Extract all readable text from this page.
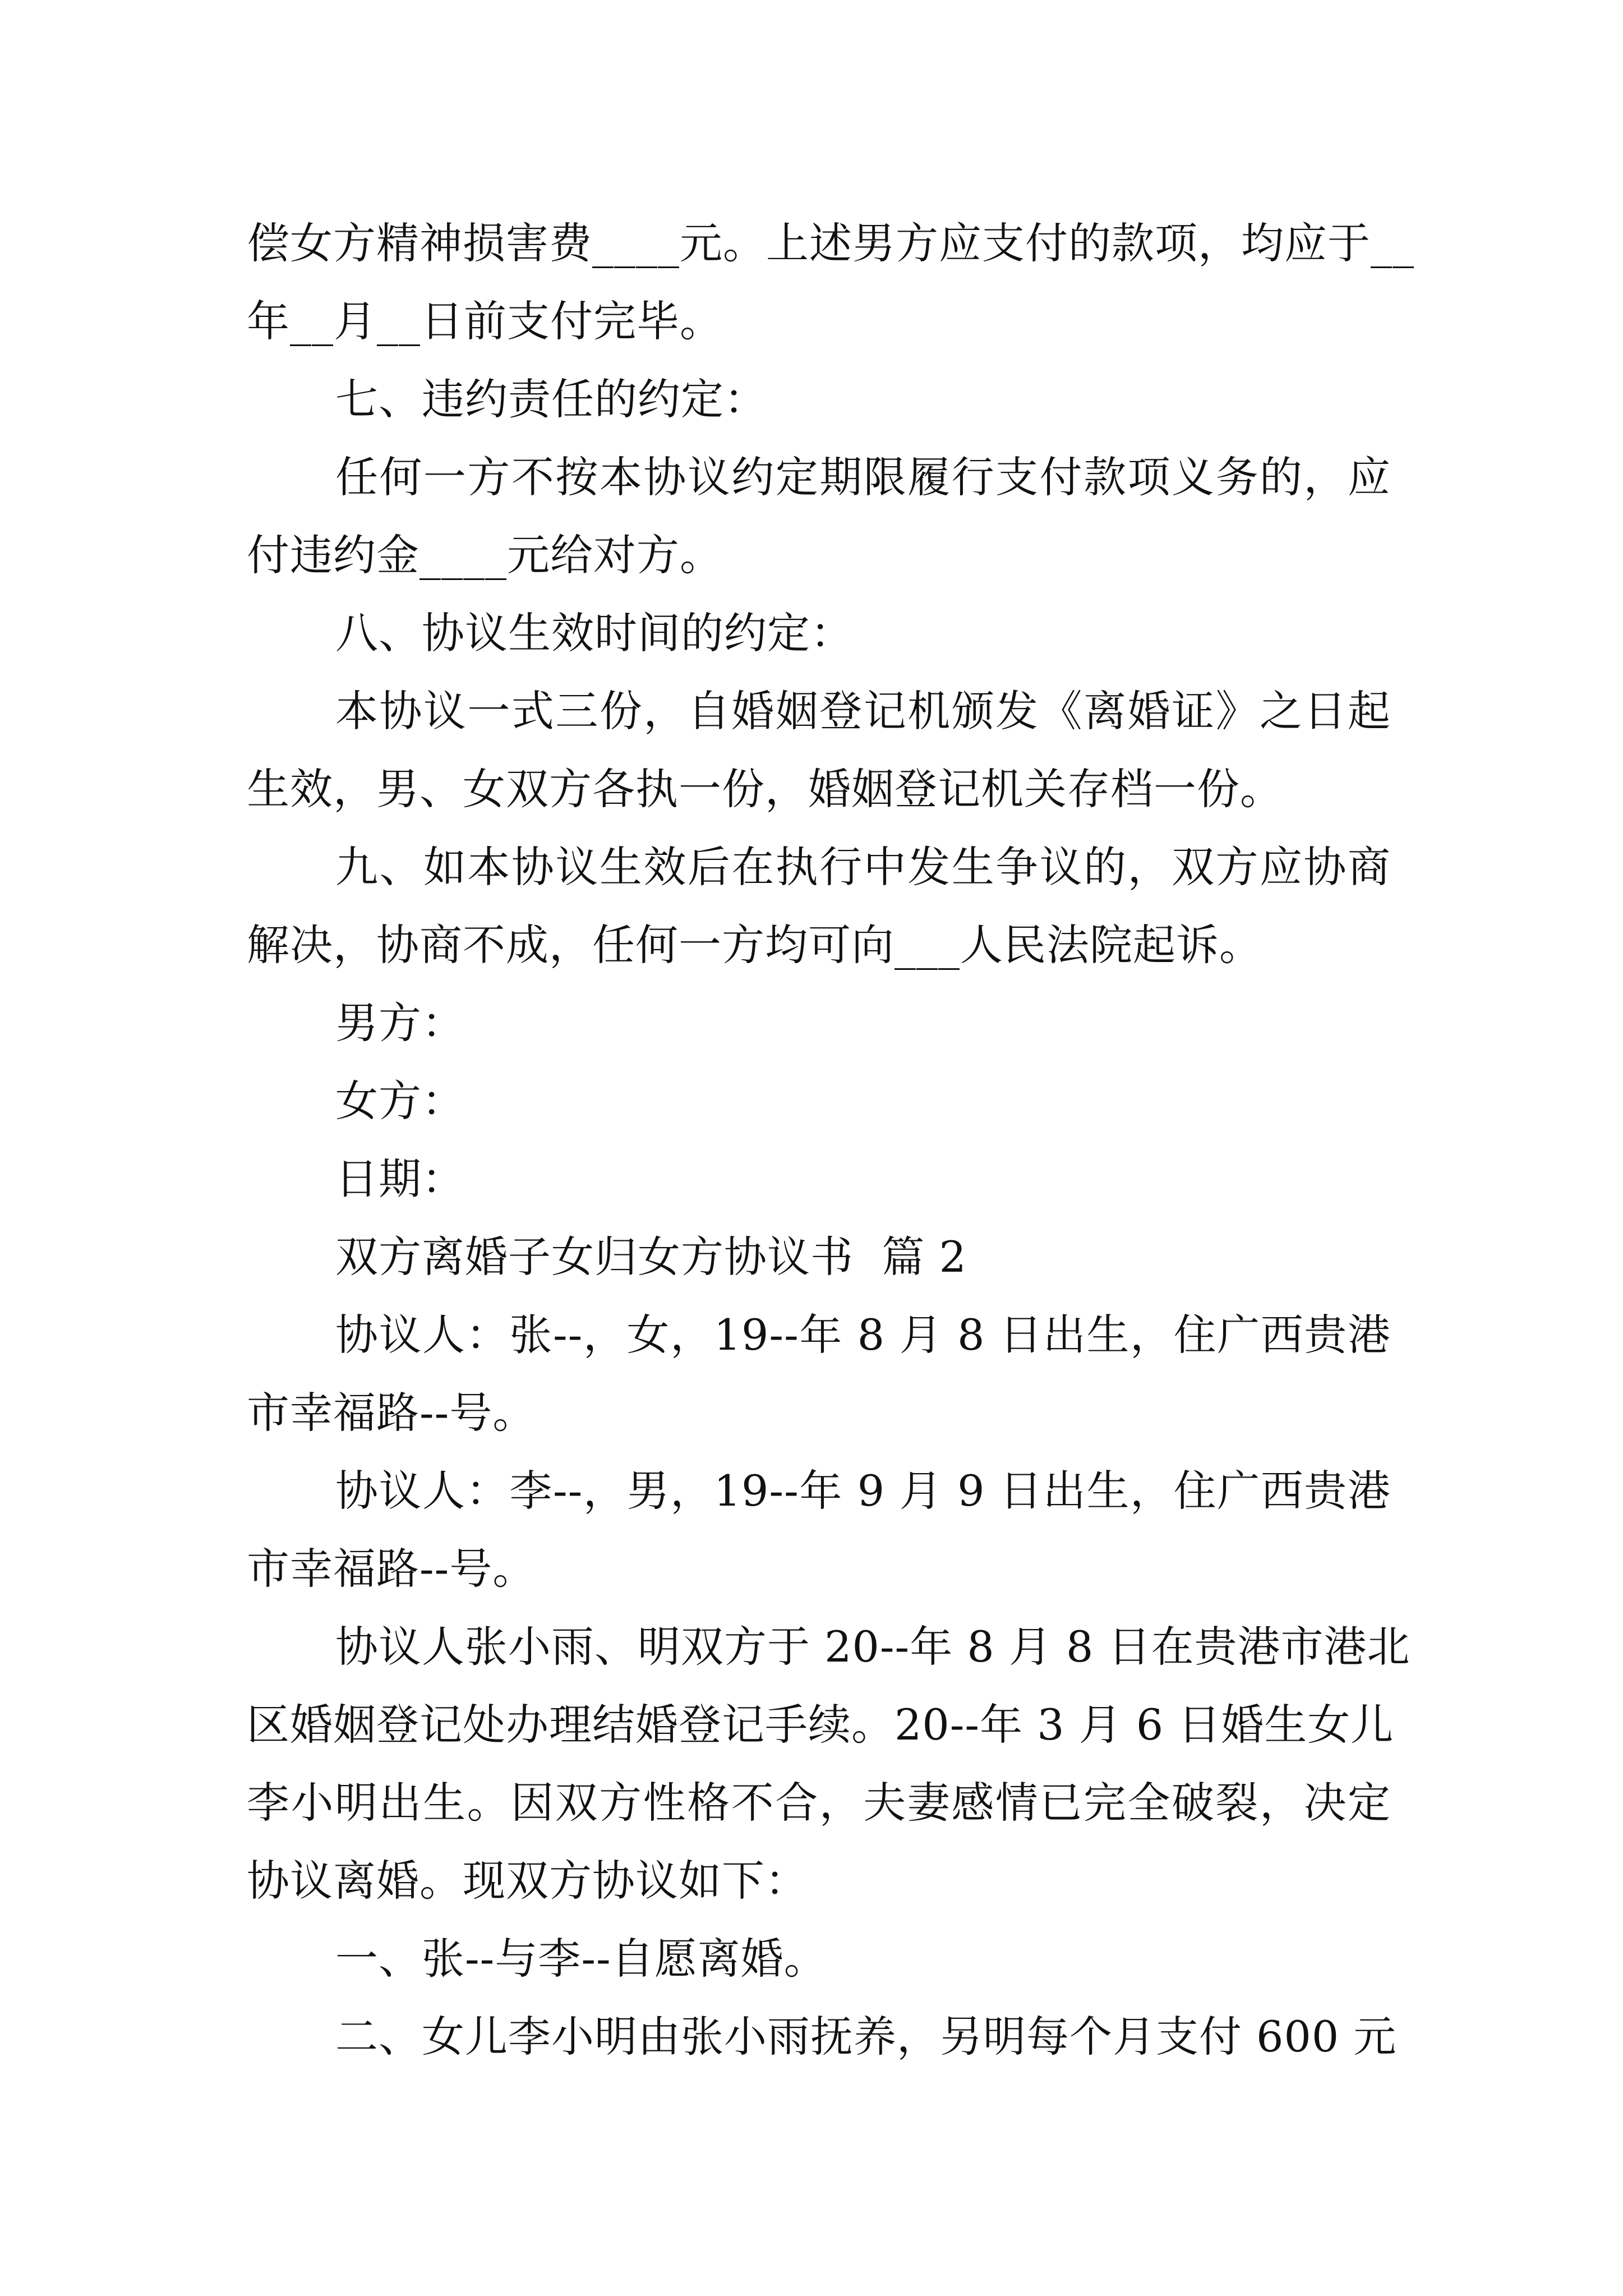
偿女方精神损害费____元。上述男方应支付的款项，均应于__
年__月__日前支付完毕。
七、违约责任的约定：
任何一方不按本协议约定期限履行支付款项义务的，应
付违约金____元给对方。
八、协议生效时间的约定：
本协议一式三份，自婚姻登记机颁发《离婚证》之日起
生效，男、女双方各执一份，婚姻登记机关存档一份。
九、如本协议生效后在执行中发生争议的，双方应协商
解决，协商不成，任何一方均可向___人民法院起诉。
男方：
女方：
日期：
双方离婚子女归女方协议书  篇 2
协议人：张--，女，19--年 8 月 8 日出生，住广西贵港
市幸福路--号。
协议人：李--，男，19--年 9 月 9 日出生，住广西贵港
市幸福路--号。
协议人张小雨、明双方于 20--年 8 月 8 日在贵港市港北
区婚姻登记处办理结婚登记手续。20--年 3 月 6 日婚生女儿
李小明出生。因双方性格不合，夫妻感情已完全破裂，决定
协议离婚。现双方协议如下：
一、张--与李--自愿离婚。
二、女儿李小明由张小雨抚养，另明每个月支付 600 元
